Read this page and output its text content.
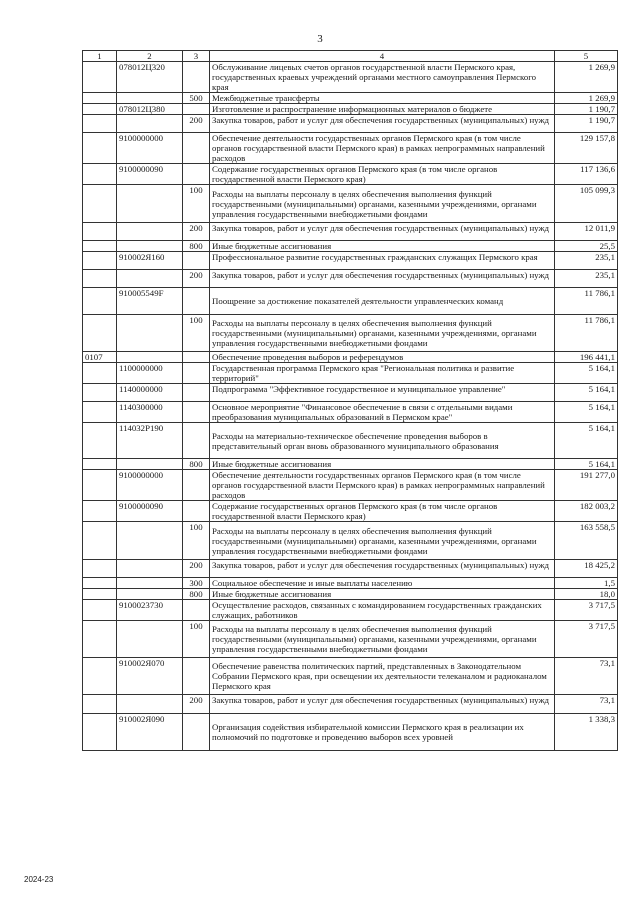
3
1	2	3	4	5
	078012Ц320		Обслуживание лицевых счетов органов государственной власти Пермского края, государственных краевых учреждений органами местного самоуправления Пермского края	1 269,9
		500	Межбюджетные трансферты	1 269,9
	078012Ц380		Изготовление и распространение информационных материалов о бюджете	1 190,7
		200	Закупка товаров, работ и услуг для обеспечения государственных (муниципальных) нужд	1 190,7
	9100000000		Обеспечение деятельности государственных органов Пермского края (в том числе органов государственной власти Пермского края) в рамках непрограммных направлений расходов	129 157,8
	9100000090		Содержание государственных органов Пермского края (в том числе органов государственной власти Пермского края)	117 136,6
		100	Расходы на выплаты персоналу в целях обеспечения выполнения функций государственными (муниципальными) органами, казенными учреждениями, органами управления государственными внебюджетными фондами	105 099,3
		200	Закупка товаров, работ и услуг для обеспечения государственных (муниципальных) нужд	12 011,9
		800	Иные бюджетные ассигнования	25,5
	910002Я160		Профессиональное развитие государственных гражданских служащих Пермского края	235,1
		200	Закупка товаров, работ и услуг для обеспечения государственных (муниципальных) нужд	235,1
	910005549F		Поощрение за достижение показателей деятельности управленческих команд	11 786,1
		100	Расходы на выплаты персоналу в целях обеспечения выполнения функций государственными (муниципальными) органами, казенными учреждениями, органами управления государственными внебюджетными фондами	11 786,1
0107			Обеспечение проведения выборов и референдумов	196 441,1
	1100000000		Государственная программа Пермского края "Региональная политика и развитие территорий"	5 164,1
	1140000000		Подпрограмма "Эффективное государственное и муниципальное управление"	5 164,1
	1140300000		Основное мероприятие "Финансовое обеспечение в связи с отдельными видами преобразования муниципальных образований в Пермском крае"	5 164,1
	114032Р190		Расходы на материально-техническое обеспечение проведения выборов в представительный орган вновь образованного муниципального образования	5 164,1
		800	Иные бюджетные ассигнования	5 164,1
	9100000000		Обеспечение деятельности государственных органов Пермского края (в том числе органов государственной власти Пермского края) в рамках непрограммных направлений расходов	191 277,0
	9100000090		Содержание государственных органов Пермского края (в том числе органов государственной власти Пермского края)	182 003,2
		100	Расходы на выплаты персоналу в целях обеспечения выполнения функций государственными (муниципальными) органами, казенными учреждениями, органами управления государственными внебюджетными фондами	163 558,5
		200	Закупка товаров, работ и услуг для обеспечения государственных (муниципальных) нужд	18 425,2
		300	Социальное обеспечение и иные выплаты населению	1,5
		800	Иные бюджетные ассигнования	18,0
	9100023730		Осуществление расходов, связанных с командированием государственных гражданских служащих, работников	3 717,5
		100	Расходы на выплаты персоналу в целях обеспечения выполнения функций государственными (муниципальными) органами, казенными учреждениями, органами управления государственными внебюджетными фондами	3 717,5
	910002Я070		Обеспечение равенства политических партий, представленных в Законодательном Собрании Пермского края, при освещении их деятельности телеканалом и радиоканалом Пермского края	73,1
		200	Закупка товаров, работ и услуг для обеспечения государственных (муниципальных) нужд	73,1
	910002Я090		Организация содействия избирательной комиссии Пермского края в реализации их полномочий по подготовке и проведению выборов всех уровней	1 338,3
2024-23
